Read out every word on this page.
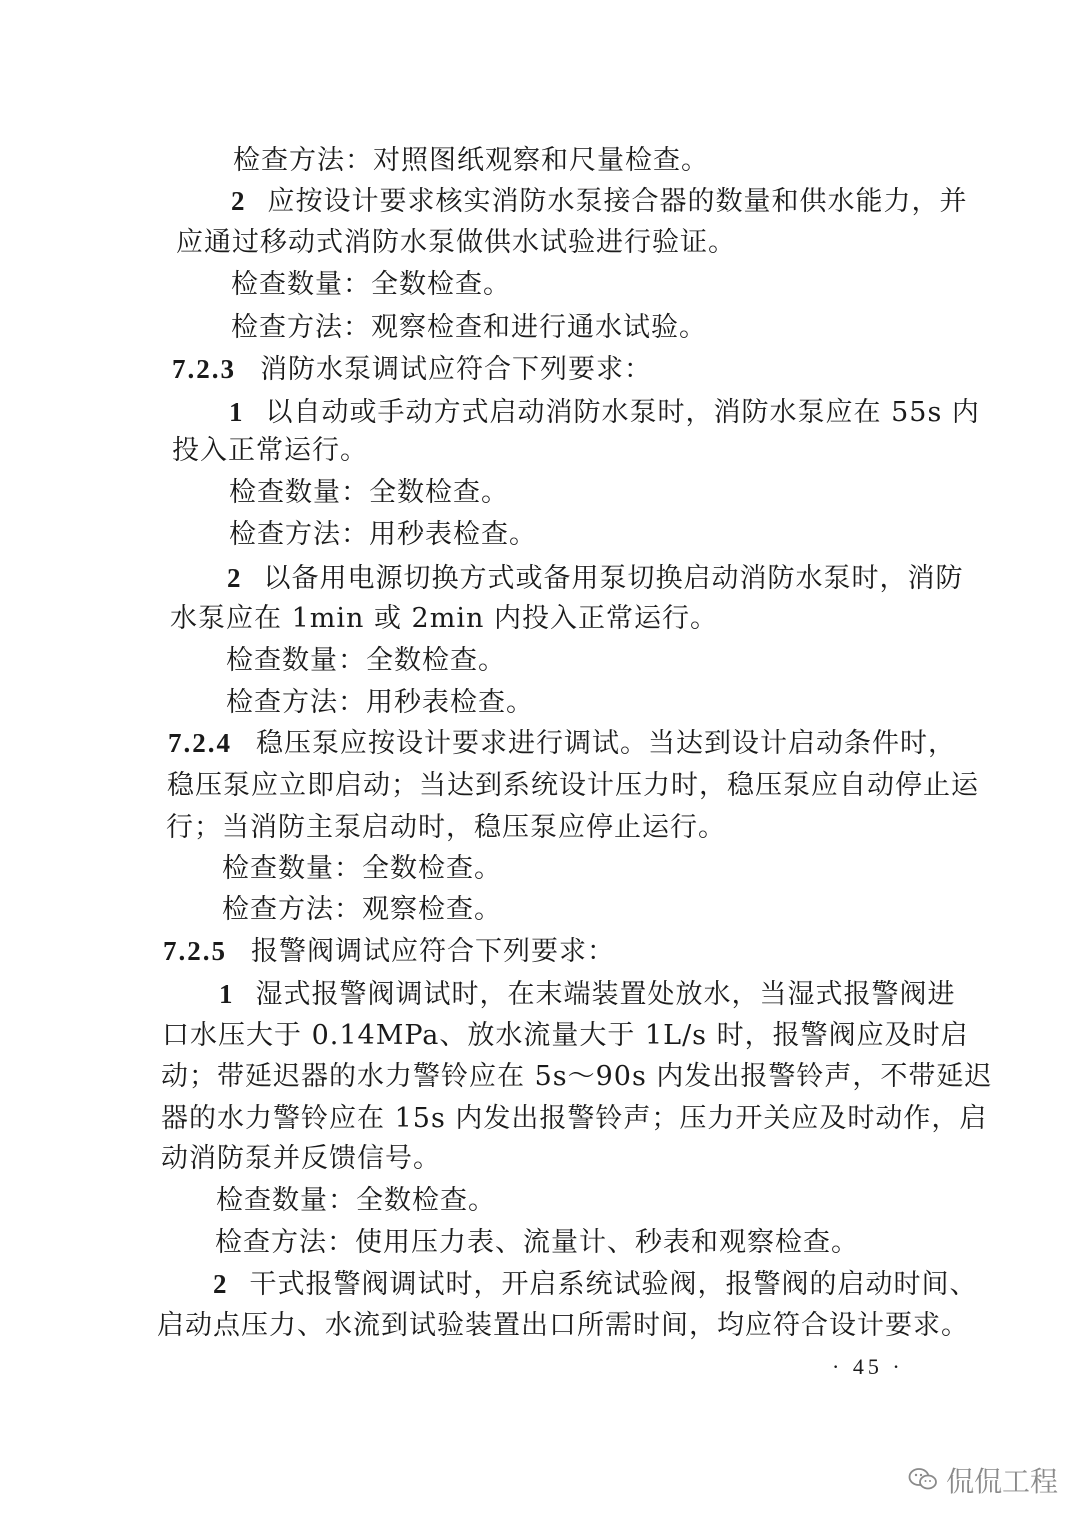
检查方法：对照图纸观察和尺量检查。
2 应按设计要求核实消防水泵接合器的数量和供水能力，并
应通过移动式消防水泵做供水试验进行验证。
检查数量：全数检查。
检查方法：观察检查和进行通水试验。
7.2.3 消防水泵调试应符合下列要求：
1 以自动或手动方式启动消防水泵时，消防水泵应在 55s 内
投入正常运行。
检查数量：全数检查。
检查方法：用秒表检查。
2 以备用电源切换方式或备用泵切换启动消防水泵时，消防
水泵应在 1min 或 2min 内投入正常运行。
检查数量：全数检查。
检查方法：用秒表检查。
7.2.4 稳压泵应按设计要求进行调试。当达到设计启动条件时，
稳压泵应立即启动；当达到系统设计压力时，稳压泵应自动停止运
行；当消防主泵启动时，稳压泵应停止运行。
检查数量：全数检查。
检查方法：观察检查。
7.2.5 报警阀调试应符合下列要求：
1 湿式报警阀调试时，在末端装置处放水，当湿式报警阀进
口水压大于 0.14MPa、放水流量大于 1L/s 时，报警阀应及时启
动；带延迟器的水力警铃应在 5s～90s 内发出报警铃声，不带延迟
器的水力警铃应在 15s 内发出报警铃声；压力开关应及时动作，启
动消防泵并反馈信号。
检查数量：全数检查。
检查方法：使用压力表、流量计、秒表和观察检查。
2 干式报警阀调试时，开启系统试验阀，报警阀的启动时间、
启动点压力、水流到试验装置出口所需时间，均应符合设计要求。
· 45 ·
侃侃工程
